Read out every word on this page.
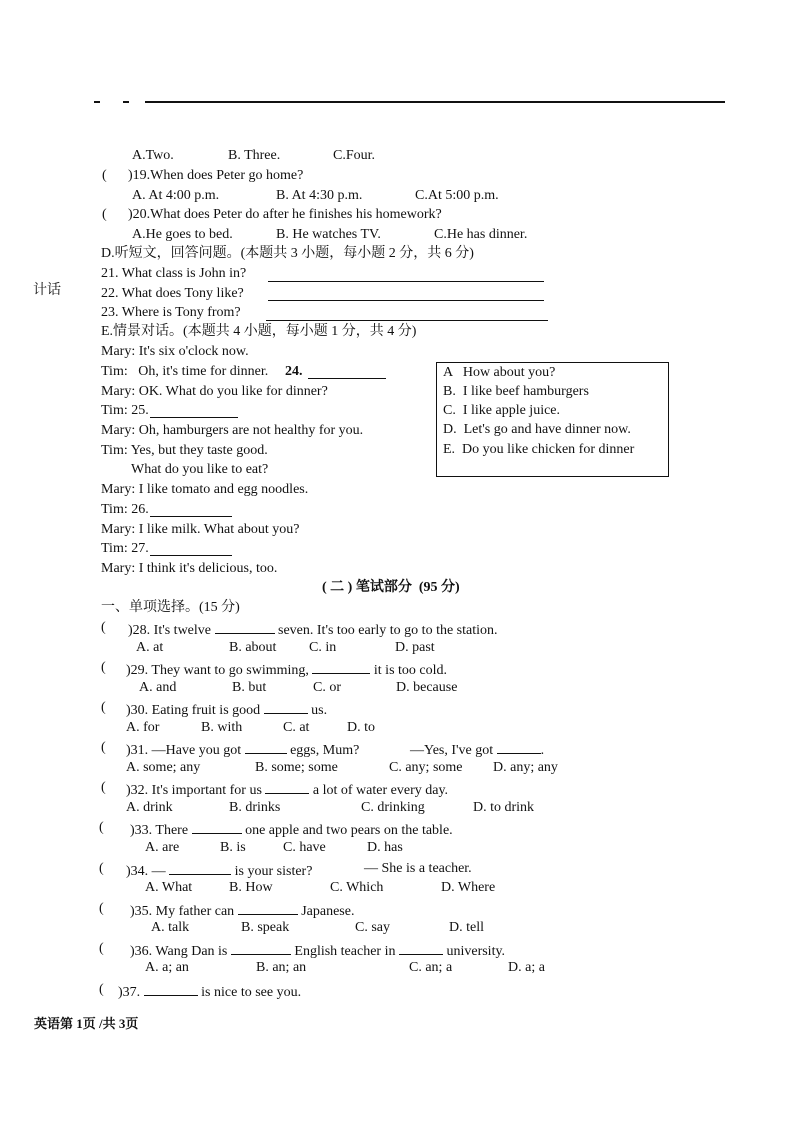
计话
A.Two.	B. Three.	C.Four.
( )19.When does Peter go home?
A. At 4:00 p.m.	B. At 4:30 p.m.	C.At 5:00 p.m.
( )20.What does Peter do after he finishes his homework?
A.He goes to bed.	B. He watches TV.	C.He has dinner.
D.听短文，回答问题。(本题共 3 小题，每小题 2 分，共 6 分)
21. What class is John in?
22. What does Tony like?
23. Where is Tony from?
E.情景对话。(本题共 4 小题，每小题 1 分，共 4 分)
Mary: It's six o'clock now.
Tim:   Oh, it's time for dinner. 24.
Mary: OK. What do you like for dinner?
Tim: 25.
Mary: Oh, hamburgers are not healthy for you.
Tim: Yes, but they taste good.
What do you like to eat?
Mary: I like tomato and egg noodles.
Tim: 26.
Mary: I like milk. What about you?
Tim: 27.
Mary: I think it's delicious, too.
A   How about you?
B.  I like beef hamburgers
C.  I like apple juice.
D.  Let's go and have dinner now.
E.  Do you like chicken for dinner
( 二 ) 笔试部分  (95 分)
一、单项选择。(15 分)
( )28. It's twelve	seven. It's too early to go to the station.
A. at	B. about C. in	D. past
( )29. They want to go swimming,	it is too cold.
A. and	B. but	C. or	D. because
( )30. Eating fruit is good	us.
A. for	B. with	C. at	D. to
( )31. —Have you got	eggs, Mum?	—Yes, I've got	.
A. some; any	B. some; some	C. any; some D. any; any
( )32. It's important for us	a lot of water every day.
A. drink	B. drinks	C. drinking	D. to drink
( )33. There	one apple and two pears on the table.
A. are	B. is	C. have	D. has
( )34. —	is your sister?	— She is a teacher.
A. What	B. How	C. Which	D. Where
( )35. My father can	Japanese.
A. talk	B. speak	C. say	D. tell
( )36. Wang Dan is	English teacher in	university.
A. a; an	B. an; an	C. an; a	D. a; a
( )37.	is nice to see you.
英语第 1页 /共 3页
